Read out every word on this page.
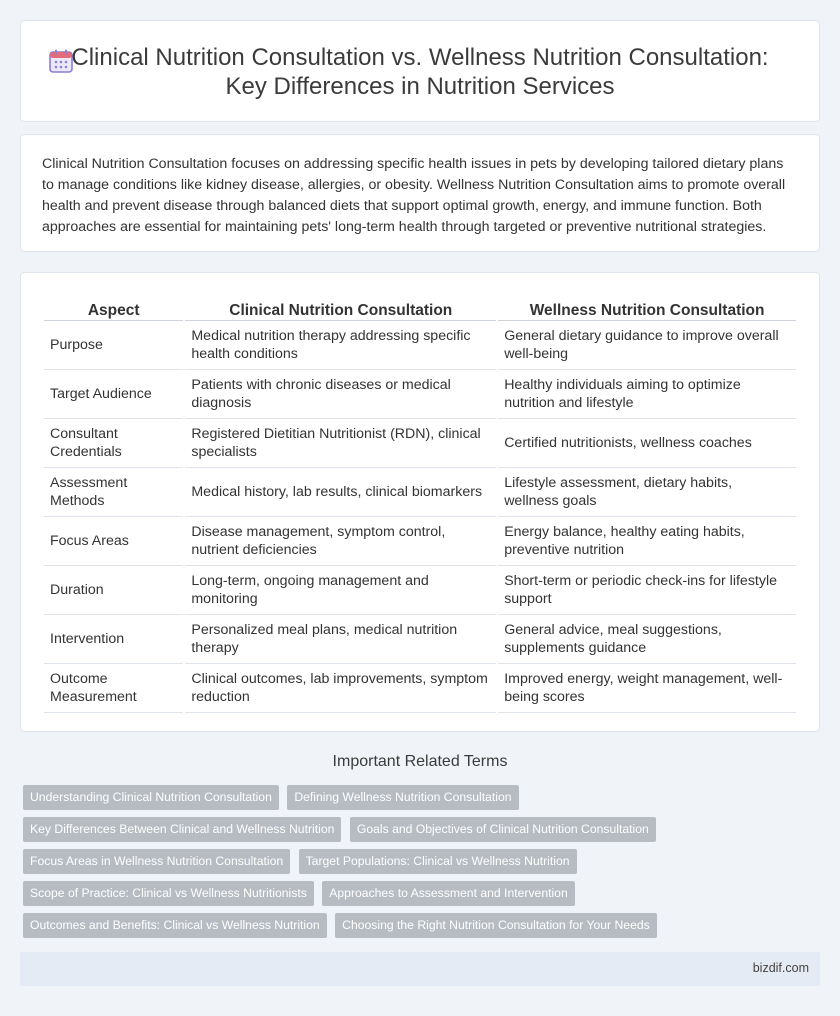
Clinical Nutrition Consultation vs. Wellness Nutrition Consultation:
Key Differences in Nutrition Services

Clinical Nutrition Consultation focuses on addressing specific health issues in pets by developing tailored dietary plans to manage conditions like kidney disease, allergies, or obesity. Wellness Nutrition Consultation aims to promote overall health and prevent disease through balanced diets that support optimal growth, energy, and immune function. Both approaches are essential for maintaining pets' long-term health through targeted or preventive nutritional strategies.

Aspect	Clinical Nutrition Consultation	Wellness Nutrition Consultation
Purpose	Medical nutrition therapy addressing specific health conditions	General dietary guidance to improve overall well-being
Target Audience	Patients with chronic diseases or medical diagnosis	Healthy individuals aiming to optimize nutrition and lifestyle
Consultant Credentials	Registered Dietitian Nutritionist (RDN), clinical specialists	Certified nutritionists, wellness coaches
Assessment Methods	Medical history, lab results, clinical biomarkers	Lifestyle assessment, dietary habits, wellness goals
Focus Areas	Disease management, symptom control, nutrient deficiencies	Energy balance, healthy eating habits, preventive nutrition
Duration	Long-term, ongoing management and monitoring	Short-term or periodic check-ins for lifestyle support
Intervention	Personalized meal plans, medical nutrition therapy	General advice, meal suggestions, supplements guidance
Outcome Measurement	Clinical outcomes, lab improvements, symptom reduction	Improved energy, weight management, well-being scores
Important Related Terms
Understanding Clinical Nutrition Consultation Defining Wellness Nutrition Consultation
Key Differences Between Clinical and Wellness Nutrition Goals and Objectives of Clinical Nutrition Consultation
Focus Areas in Wellness Nutrition Consultation Target Populations: Clinical vs Wellness Nutrition
Scope of Practice: Clinical vs Wellness Nutritionists Approaches to Assessment and Intervention
Outcomes and Benefits: Clinical vs Wellness Nutrition Choosing the Right Nutrition Consultation for Your Needs
bizdif.com
